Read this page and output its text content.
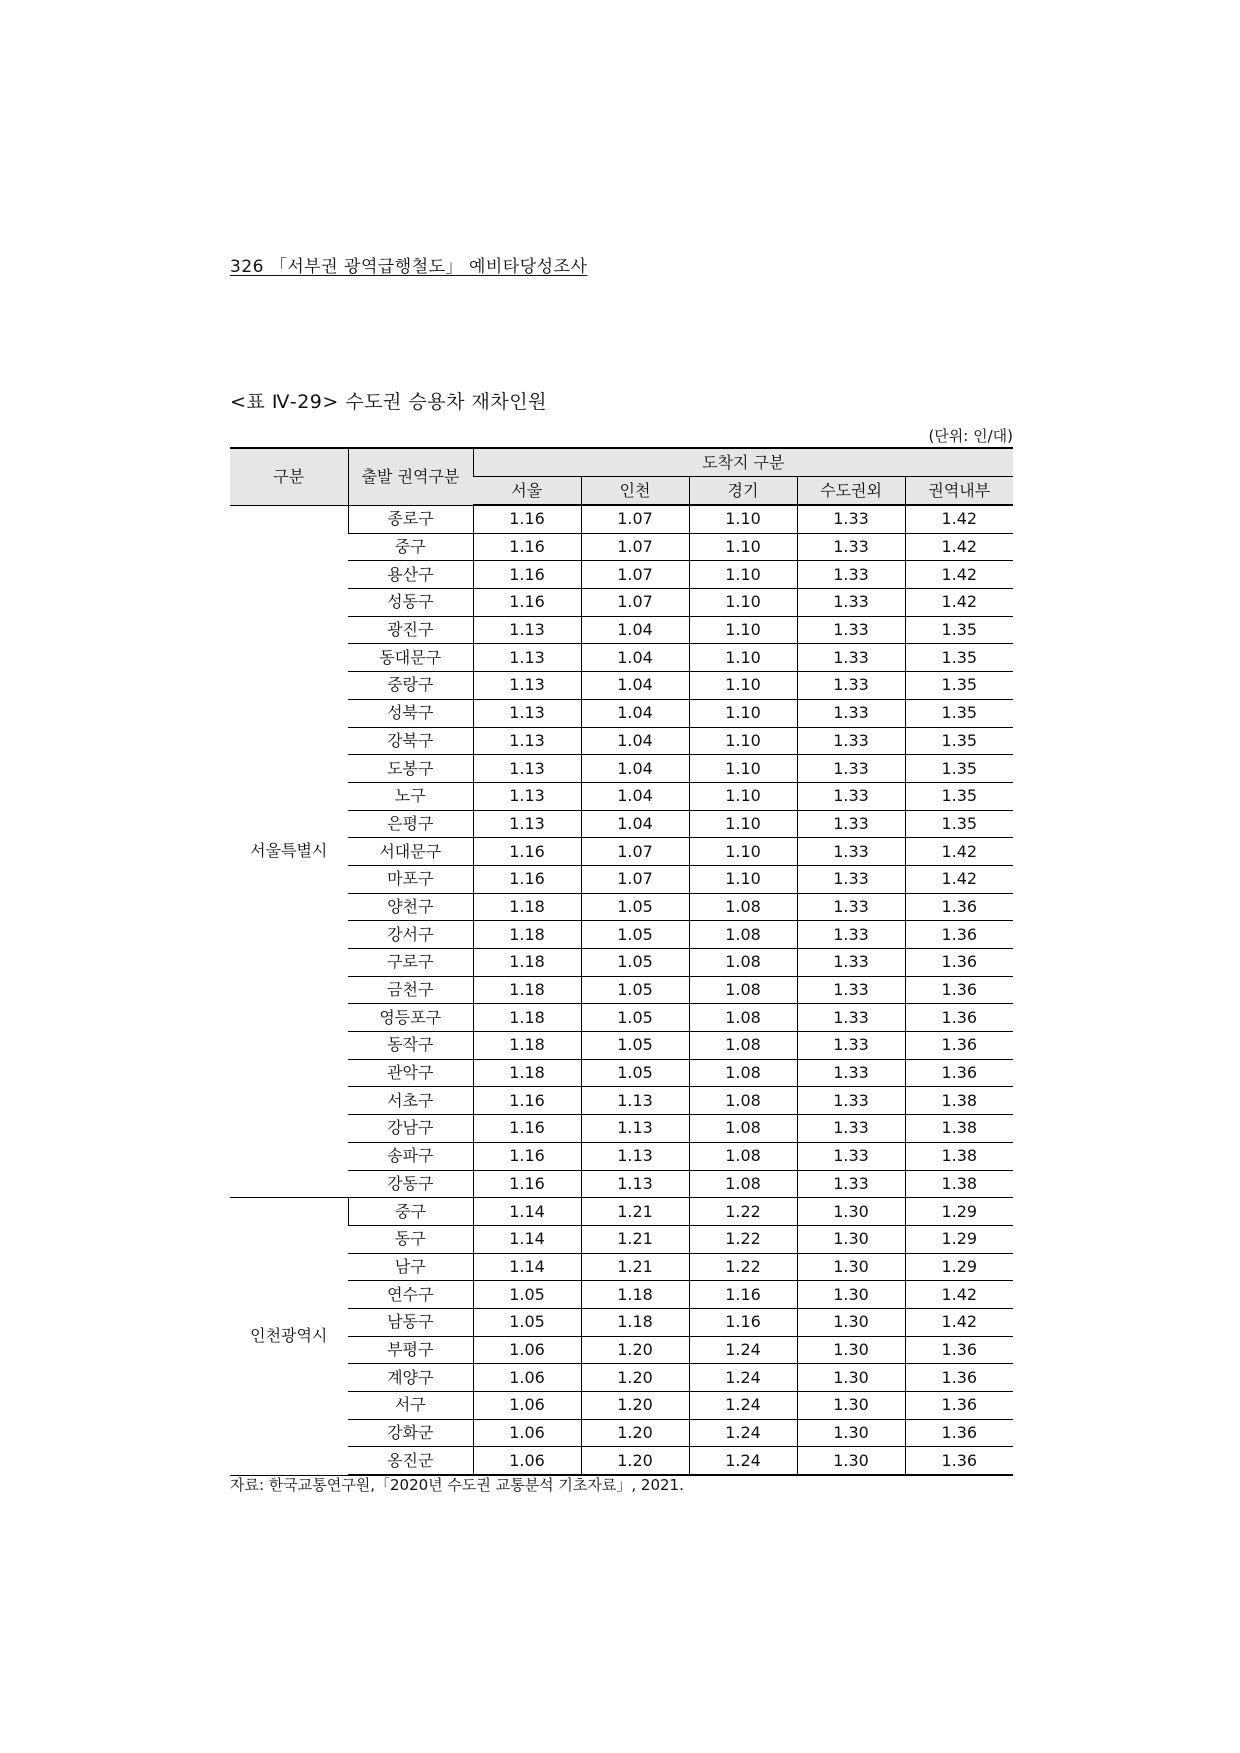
326 「서부권 광역급행철도」 예비타당성조사
<표 Ⅳ-29> 수도권 승용차 재차인원
(단위: 인/대)
구분	출발 권역구분	도착지 구분				
		서울	인천	경기	수도권외	권역내부
서울특별시	종로구	1.16	1.07	1.10	1.33	1.42
	중구	1.16	1.07	1.10	1.33	1.42
	용산구	1.16	1.07	1.10	1.33	1.42
	성동구	1.16	1.07	1.10	1.33	1.42
	광진구	1.13	1.04	1.10	1.33	1.35
	동대문구	1.13	1.04	1.10	1.33	1.35
	중랑구	1.13	1.04	1.10	1.33	1.35
	성북구	1.13	1.04	1.10	1.33	1.35
	강북구	1.13	1.04	1.10	1.33	1.35
	도봉구	1.13	1.04	1.10	1.33	1.35
	노구	1.13	1.04	1.10	1.33	1.35
	은평구	1.13	1.04	1.10	1.33	1.35
	서대문구	1.16	1.07	1.10	1.33	1.42
	마포구	1.16	1.07	1.10	1.33	1.42
	양천구	1.18	1.05	1.08	1.33	1.36
	강서구	1.18	1.05	1.08	1.33	1.36
	구로구	1.18	1.05	1.08	1.33	1.36
	금천구	1.18	1.05	1.08	1.33	1.36
	영등포구	1.18	1.05	1.08	1.33	1.36
	동작구	1.18	1.05	1.08	1.33	1.36
	관악구	1.18	1.05	1.08	1.33	1.36
	서초구	1.16	1.13	1.08	1.33	1.38
	강남구	1.16	1.13	1.08	1.33	1.38
	송파구	1.16	1.13	1.08	1.33	1.38
	강동구	1.16	1.13	1.08	1.33	1.38
인천광역시	중구	1.14	1.21	1.22	1.30	1.29
	동구	1.14	1.21	1.22	1.30	1.29
	남구	1.14	1.21	1.22	1.30	1.29
	연수구	1.05	1.18	1.16	1.30	1.42
	남동구	1.05	1.18	1.16	1.30	1.42
	부평구	1.06	1.20	1.24	1.30	1.36
	계양구	1.06	1.20	1.24	1.30	1.36
	서구	1.06	1.20	1.24	1.30	1.36
	강화군	1.06	1.20	1.24	1.30	1.36
	옹진군	1.06	1.20	1.24	1.30	1.36
자료: 한국교통연구원,「2020년 수도권 교통분석 기초자료」, 2021.
